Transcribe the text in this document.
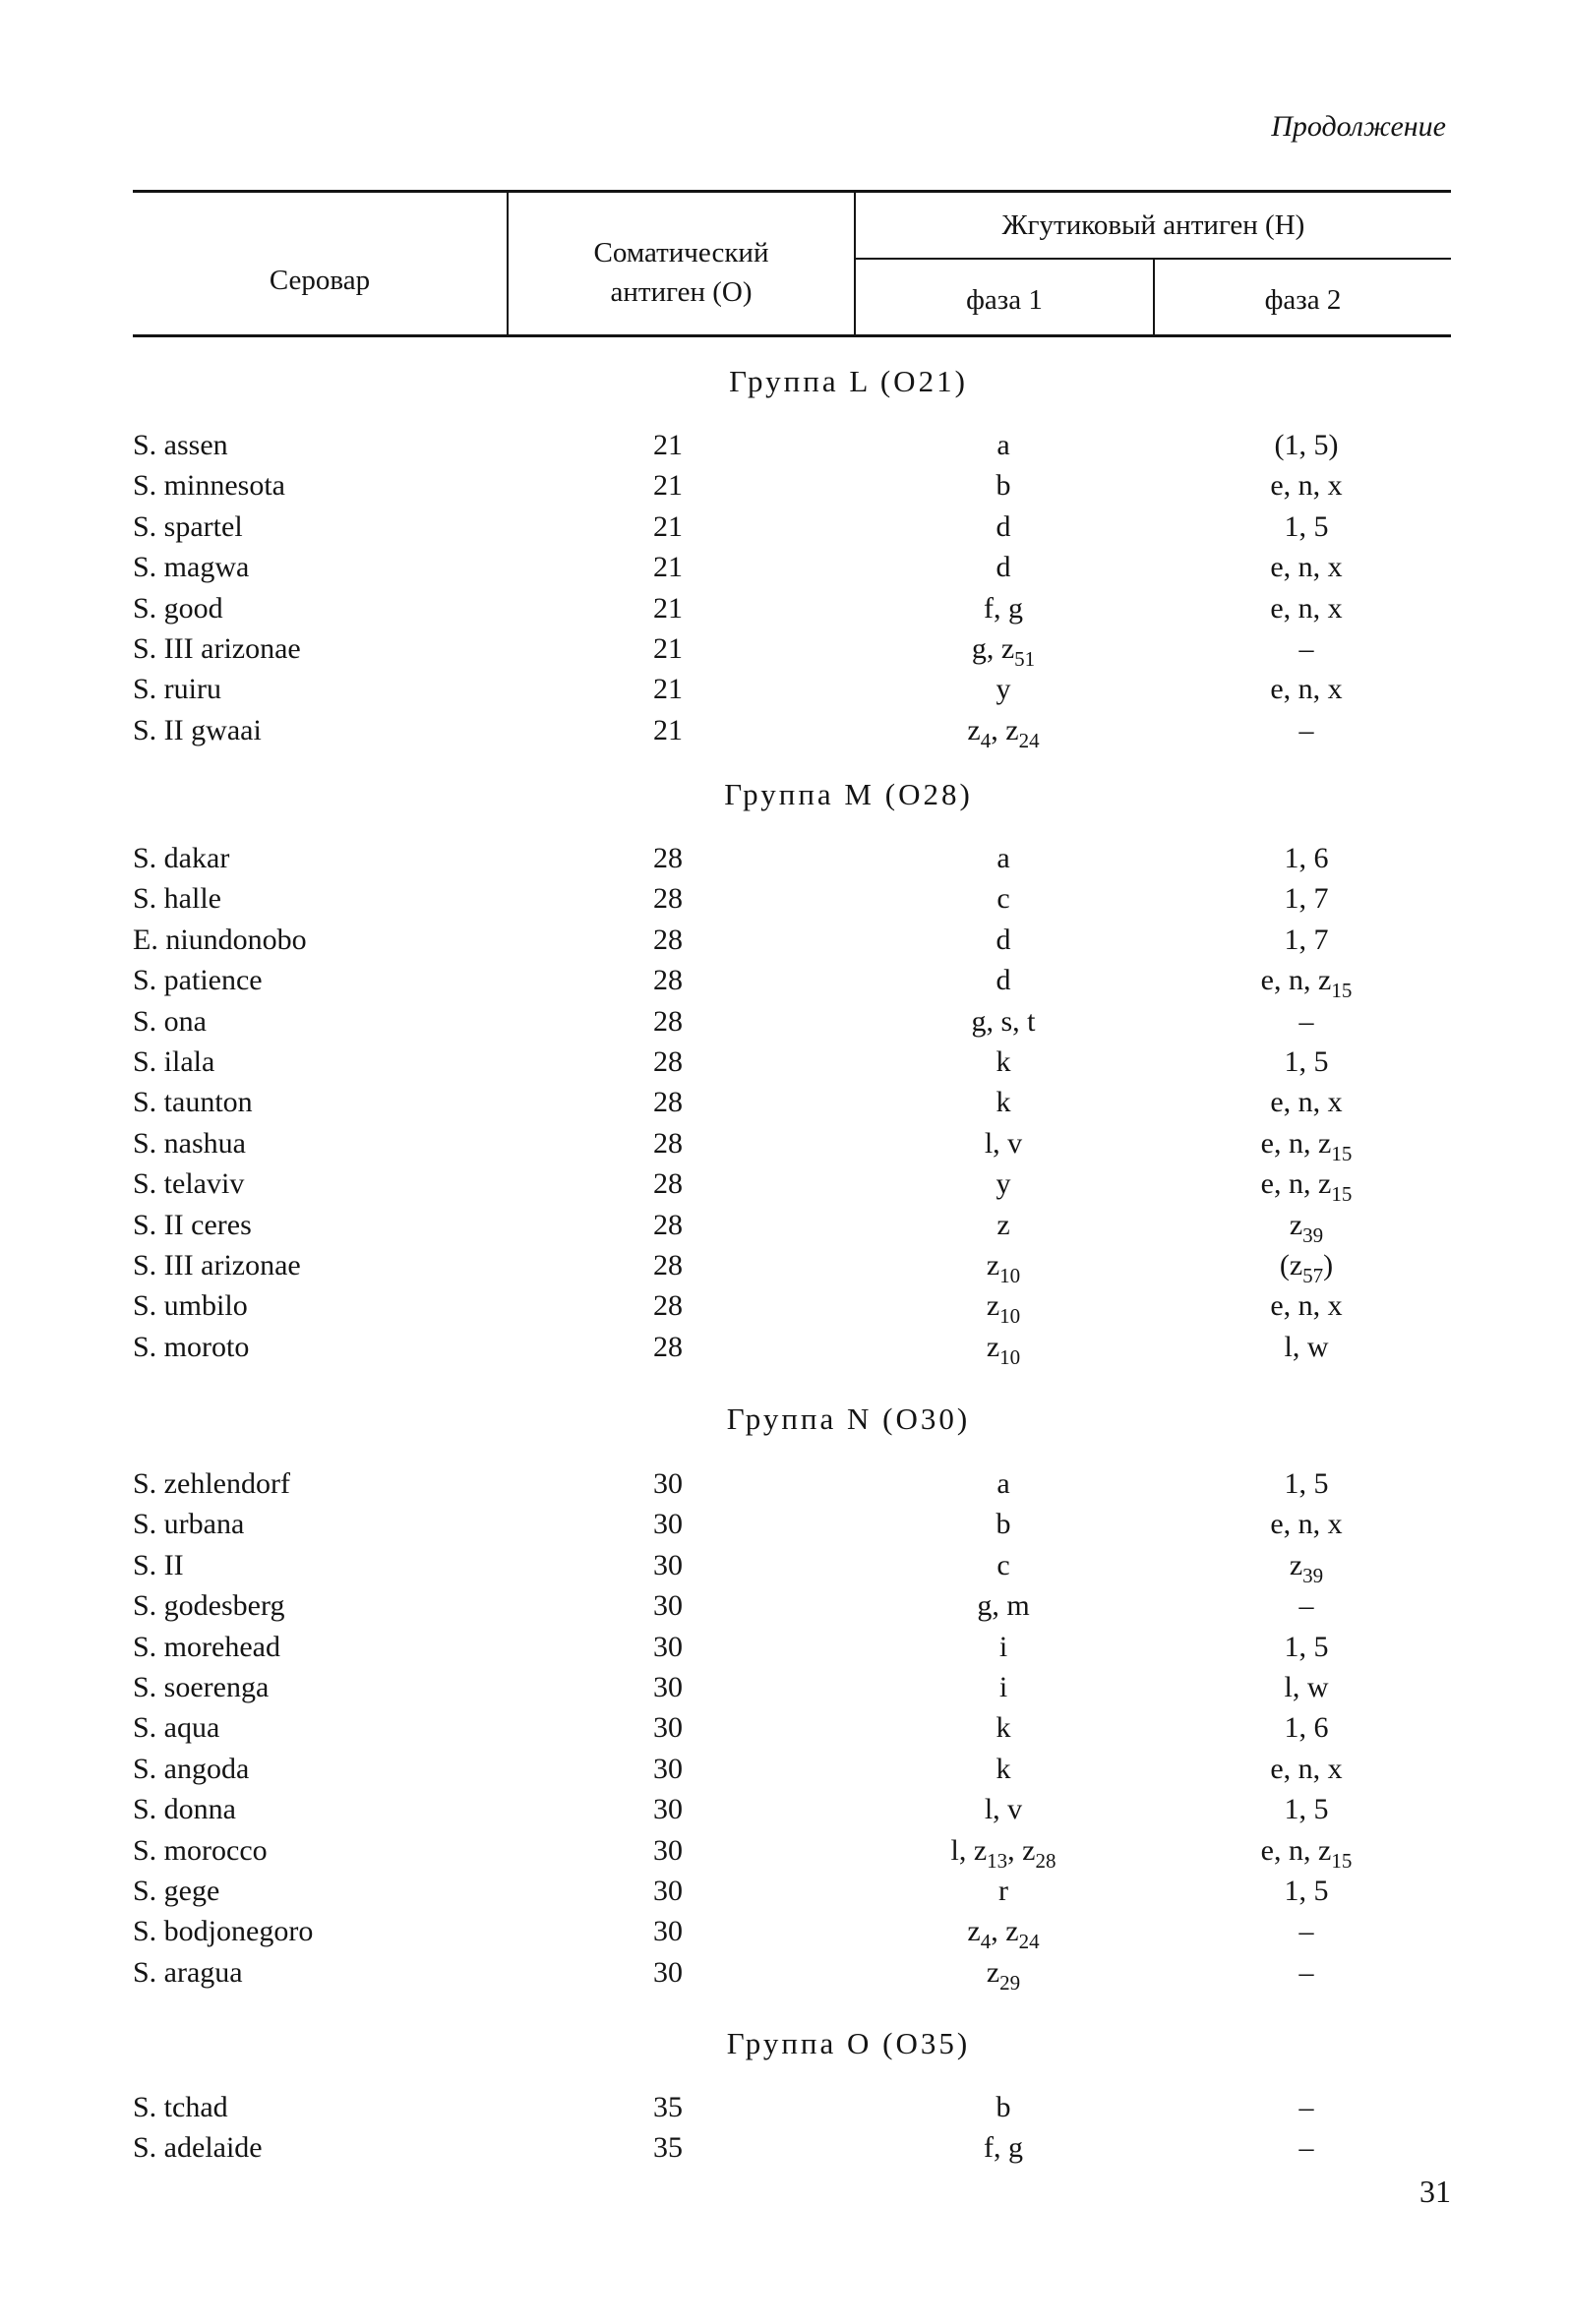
Продолжение
Серовар
Соматический
антиген (О)
Жгутиковый антиген (Н)
фаза 1	фаза 2
Группа L (О21)
S. assen	21	a	(1, 5)
S. minnesota	21	b	e, n, x
S. spartel	21	d	1, 5
S. magwa	21	d	e, n, x
S. good	21	f, g	e, n, x
S. III arizonae	21	g, $z_{51}$	–
S. ruiru	21	y	e, n, x
S. II gwaai	21	$z_4$, $z_{24}$	–
Группа М (О28)
S. dakar	28	a	1, 6
S. halle	28	c	1, 7
E. niundonobo	28	d	1, 7
S. patience	28	d	e, n, $z_{15}$
S. ona	28	g, s, t	–
S. ilala	28	k	1, 5
S. taunton	28	k	e, n, x
S. nashua	28	l, v	e, n, $z_{15}$
S. telaviv	28	y	e, n, $z_{15}$
S. II ceres	28	z	$z_{39}$
S. III arizonae	28	$z_{10}$	$(z_{57})$
S. umbilo	28	$z_{10}$	e, n, x
S. moroto	28	$z_{10}$	l, w
Группа N (О30)
S. zehlendorf	30	a	1, 5
S. urbana	30	b	e, n, x
S. II	30	c	$z_{39}$
S. godesberg	30	g, m	–
S. morehead	30	i	1, 5
S. soerenga	30	i	l, w
S. aqua	30	k	1, 6
S. angoda	30	k	e, n, x
S. donna	30	l, v	1, 5
S. morocco	30	l, $z_{13}$, $z_{28}$	e, n, $z_{15}$
S. gege	30	r	1, 5
S. bodjonegoro	30	$z_4$, $z_{24}$	–
S. aragua	30	$z_{29}$	–
Группа О (О35)
S. tchad	35	b	–
S. adelaide	35	f, g	–
31
